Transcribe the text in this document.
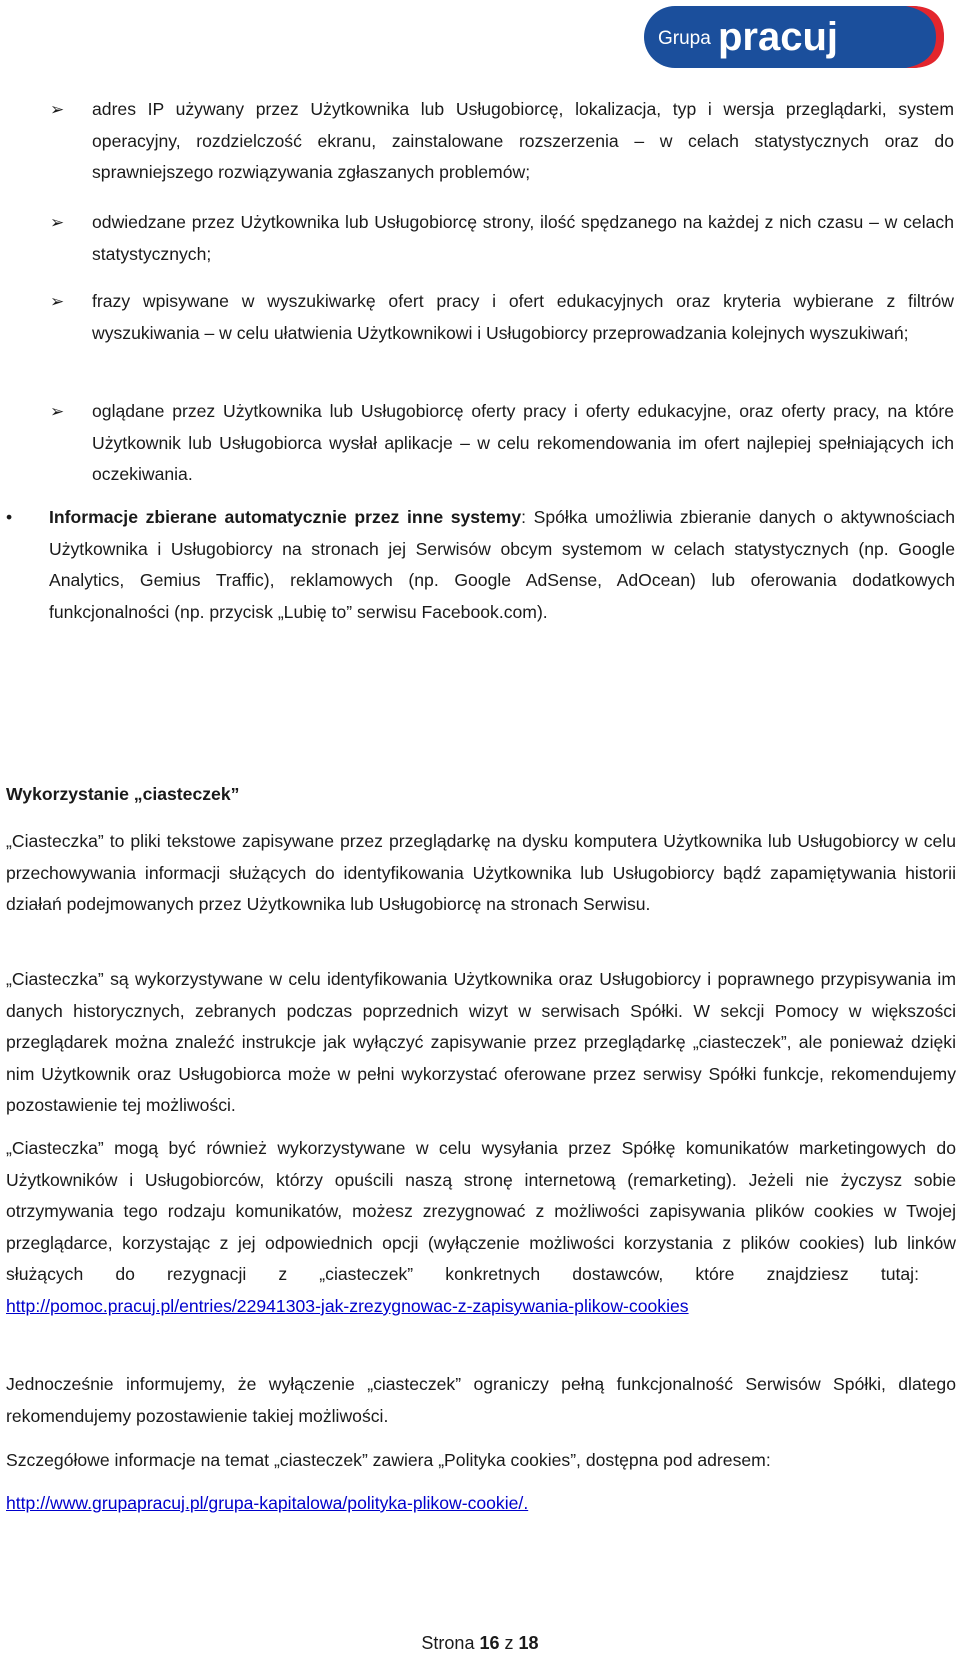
Grupa pracuj
➢ adres IP używany przez Użytkownika lub Usługobiorcę, lokalizacja, typ i wersja przeglądarki, system operacyjny, rozdzielczość ekranu, zainstalowane rozszerzenia – w celach statystycznych oraz do sprawniejszego rozwiązywania zgłaszanych problemów;
➢ odwiedzane przez Użytkownika lub Usługobiorcę strony, ilość spędzanego na każdej z nich czasu – w celach statystycznych;
➢ frazy wpisywane w wyszukiwarkę ofert pracy i ofert edukacyjnych oraz kryteria wybierane z filtrów wyszukiwania – w celu ułatwienia Użytkownikowi i Usługobiorcy przeprowadzania kolejnych wyszukiwań;
➢ oglądane przez Użytkownika lub Usługobiorcę oferty pracy i oferty edukacyjne, oraz oferty pracy, na które Użytkownik lub Usługobiorca wysłał aplikacje – w celu rekomendowania im ofert najlepiej spełniających ich oczekiwania.
• Informacje zbierane automatycznie przez inne systemy: Spółka umożliwia zbieranie danych o aktywnościach Użytkownika i Usługobiorcy na stronach jej Serwisów obcym systemom w celach statystycznych (np. Google Analytics, Gemius Traffic), reklamowych (np. Google AdSense, AdOcean) lub oferowania dodatkowych funkcjonalności (np. przycisk „Lubię to” serwisu Facebook.com).
Wykorzystanie „ciasteczek”

„Ciasteczka” to pliki tekstowe zapisywane przez przeglądarkę na dysku komputera Użytkownika lub Usługobiorcy w celu przechowywania informacji służących do identyfikowania Użytkownika lub Usługobiorcy bądź zapamiętywania historii działań podejmowanych przez Użytkownika lub Usługobiorcę na stronach Serwisu.

„Ciasteczka” są wykorzystywane w celu identyfikowania Użytkownika oraz Usługobiorcy i poprawnego przypisywania im danych historycznych, zebranych podczas poprzednich wizyt w serwisach Spółki. W sekcji Pomocy w większości przeglądarek można znaleźć instrukcje jak wyłączyć zapisywanie przez przeglądarkę „ciasteczek”, ale ponieważ dzięki nim Użytkownik oraz Usługobiorca może w pełni wykorzystać oferowane przez serwisy Spółki funkcje, rekomendujemy pozostawienie tej możliwości.

„Ciasteczka” mogą być również wykorzystywane w celu wysyłania przez Spółkę komunikatów marketingowych do Użytkowników i Usługobiorców, którzy opuścili naszą stronę internetową (remarketing). Jeżeli nie życzysz sobie otrzymywania tego rodzaju komunikatów, możesz zrezygnować z możliwości zapisywania plików cookies w Twojej przeglądarce, korzystając z jej odpowiednich opcji (wyłączenie możliwości korzystania z plików cookies) lub linków służących do rezygnacji z „ciasteczek” konkretnych dostawców, które znajdziesz tutaj:   http://pomoc.pracuj.pl/entries/22941303-jak-zrezygnowac-z-zapisywania-plikow-cookies

Jednocześnie informujemy, że wyłączenie „ciasteczek” ograniczy pełną funkcjonalność Serwisów Spółki, dlatego rekomendujemy pozostawienie takiej możliwości.

Szczegółowe informacje na temat „ciasteczek” zawiera „Polityka cookies”, dostępna pod adresem:

http://www.grupapracuj.pl/grupa-kapitalowa/polityka-plikow-cookie/.

Strona 16 z 18
